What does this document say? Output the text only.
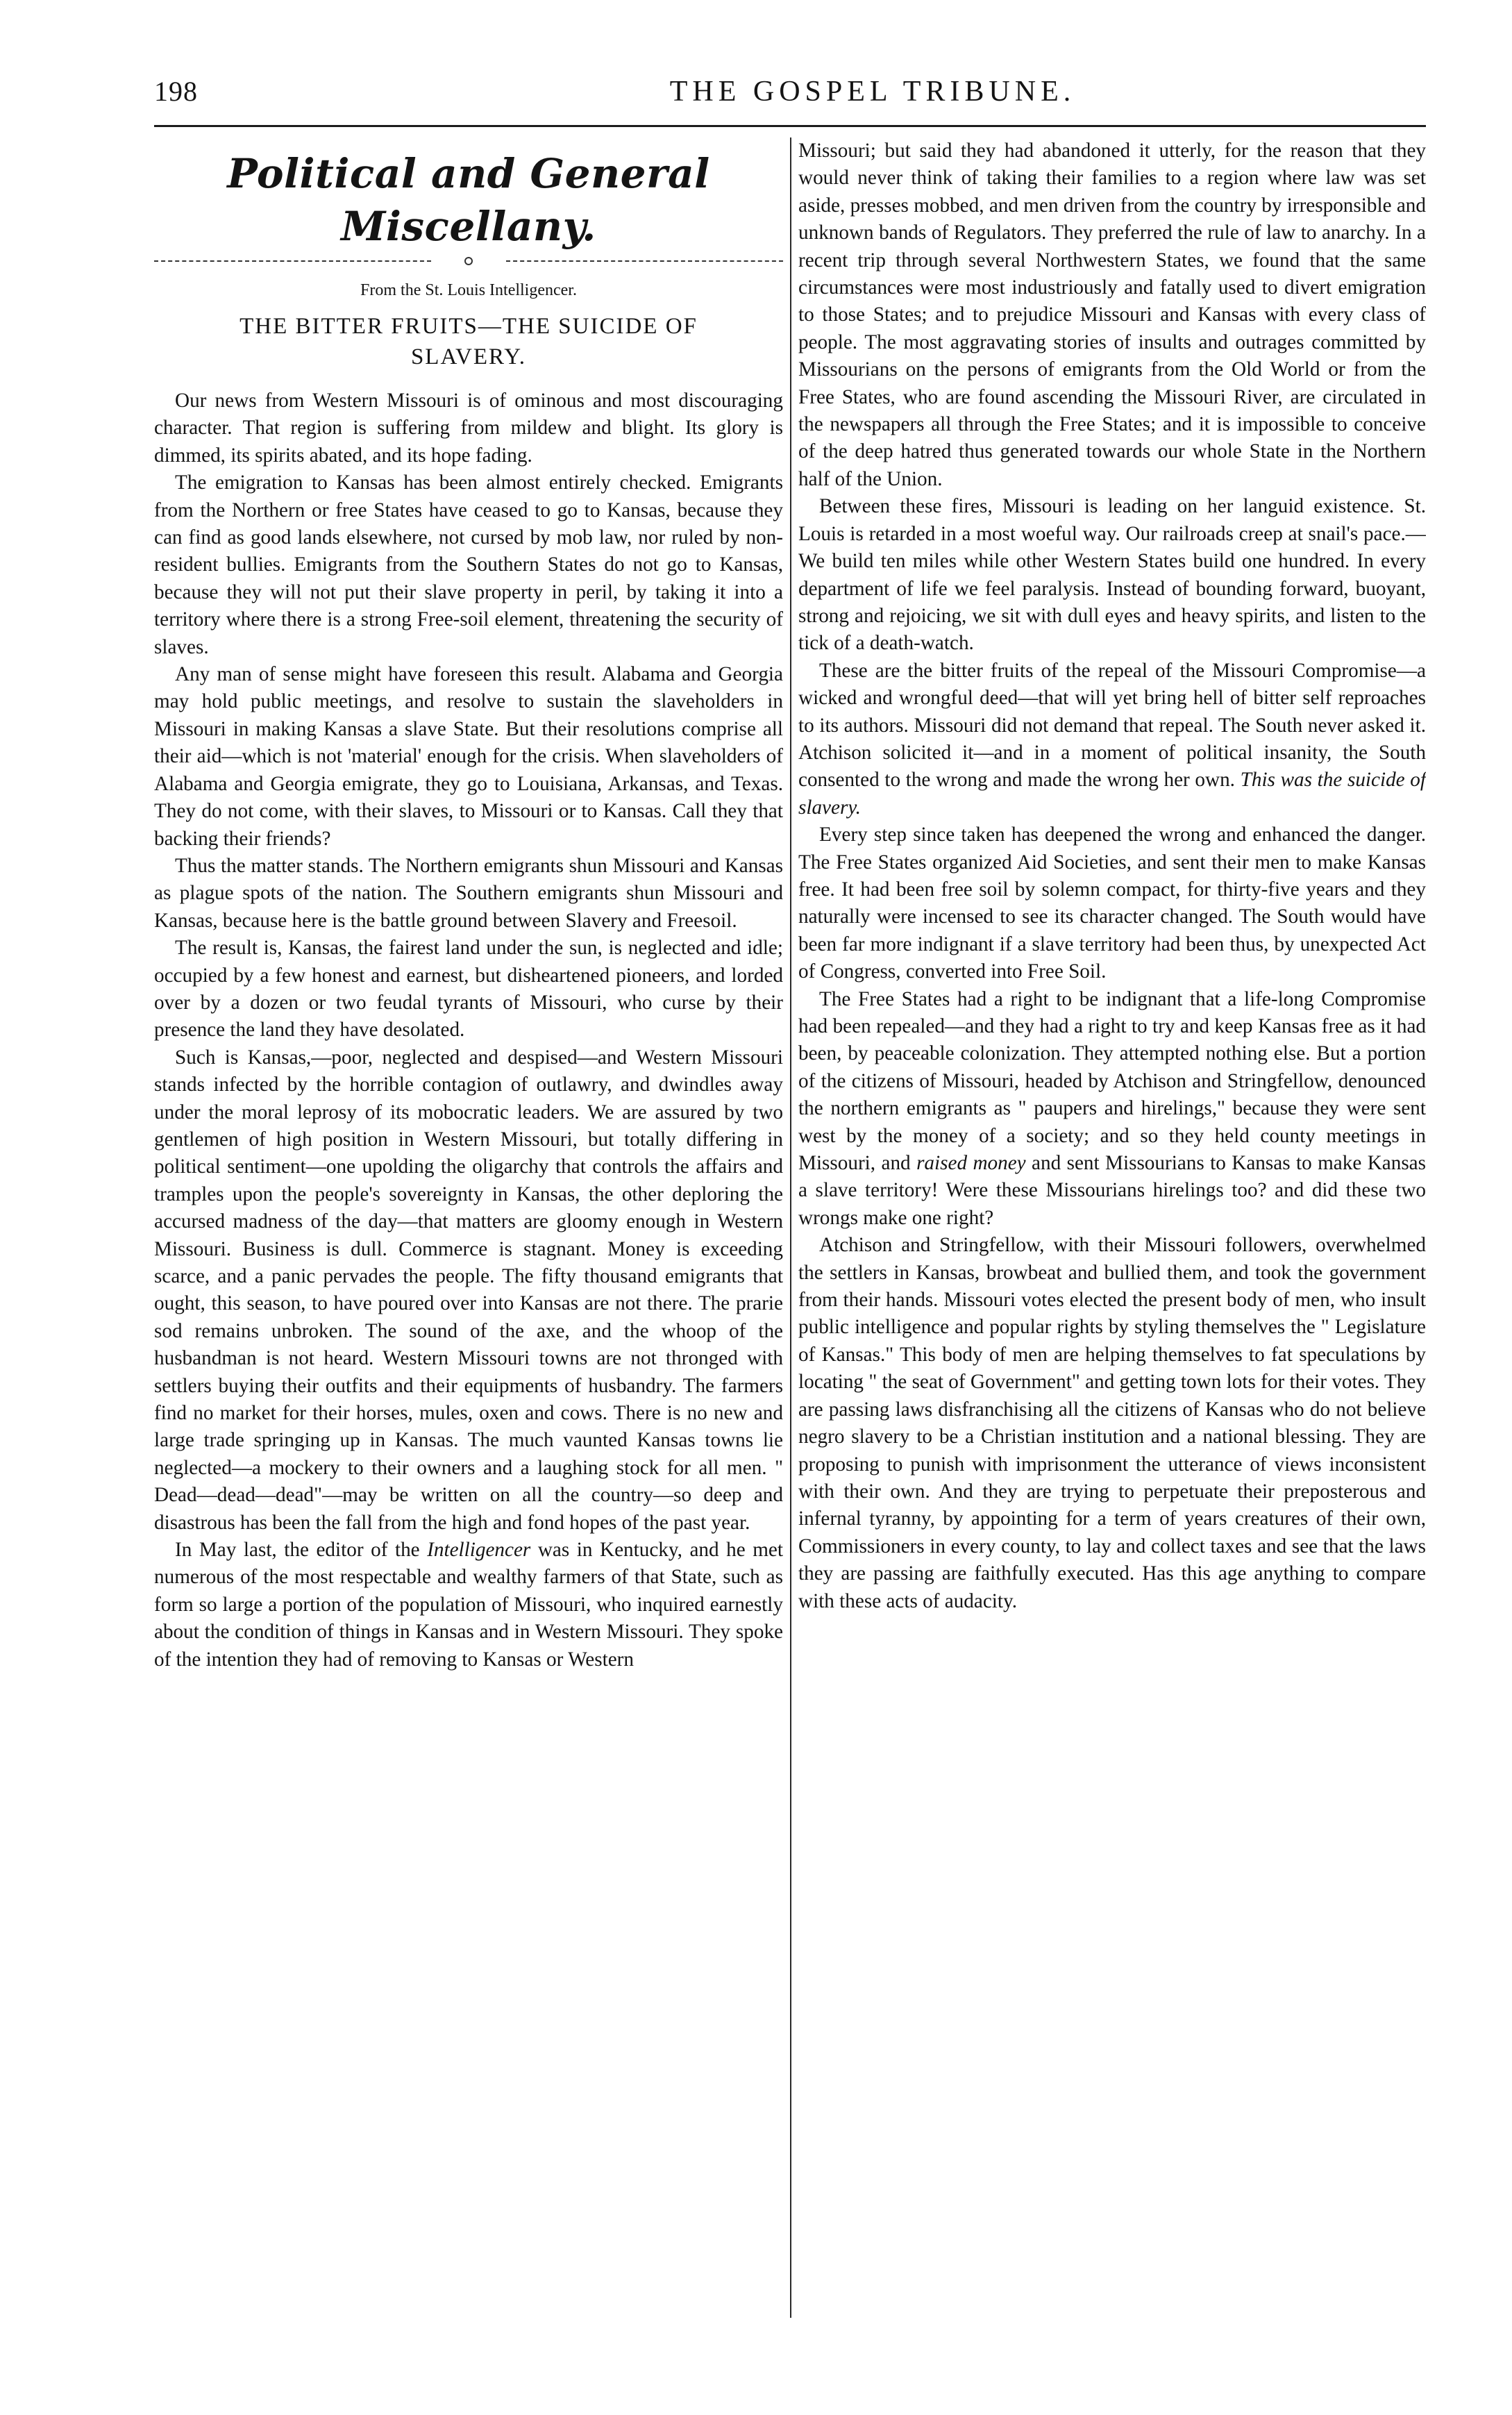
198	THE GOSPEL TRIBUNE.
Political and General Miscellany.
From the St. Louis Intelligencer.
THE BITTER FRUITS—THE SUICIDE OF SLAVERY.

Our news from Western Missouri is of ominous and most discouraging character. That region is suffering from mildew and blight. Its glory is dimmed, its spirits abated, and its hope fading.

The emigration to Kansas has been almost entirely checked. Emigrants from the Northern or free States have ceased to go to Kansas, because they can find as good lands elsewhere, not cursed by mob law, nor ruled by non-resident bullies. Emigrants from the Southern States do not go to Kansas, because they will not put their slave property in peril, by taking it into a territory where there is a strong Free-soil element, threatening the security of slaves.

Any man of sense might have foreseen this result. Alabama and Georgia may hold public meetings, and resolve to sustain the slaveholders in Missouri in making Kansas a slave State. But their resolutions comprise all their aid—which is not 'material' enough for the crisis. When slaveholders of Alabama and Georgia emigrate, they go to Louisiana, Arkansas, and Texas. They do not come, with their slaves, to Missouri or to Kansas. Call they that backing their friends?

Thus the matter stands. The Northern emigrants shun Missouri and Kansas as plague spots of the nation. The Southern emigrants shun Missouri and Kansas, because here is the battle ground between Slavery and Freesoil.

The result is, Kansas, the fairest land under the sun, is neglected and idle; occupied by a few honest and earnest, but disheartened pioneers, and lorded over by a dozen or two feudal tyrants of Missouri, who curse by their presence the land they have desolated.

Such is Kansas,—poor, neglected and despised—and Western Missouri stands infected by the horrible contagion of outlawry, and dwindles away under the moral leprosy of its mobocratic leaders. We are assured by two gentlemen of high position in Western Missouri, but totally differing in political sentiment—one upolding the oligarchy that controls the affairs and tramples upon the people's sovereignty in Kansas, the other deploring the accursed madness of the day—that matters are gloomy enough in Western Missouri. Business is dull. Commerce is stagnant. Money is exceeding scarce, and a panic pervades the people. The fifty thousand emigrants that ought, this season, to have poured over into Kansas are not there. The prarie sod remains unbroken. The sound of the axe, and the whoop of the husbandman is not heard. Western Missouri towns are not thronged with settlers buying their outfits and their equipments of husbandry. The farmers find no market for their horses, mules, oxen and cows. There is no new and large trade springing up in Kansas. The much vaunted Kansas towns lie neglected—a mockery to their owners and a laughing stock for all men. " Dead—dead—dead"—may be written on all the country—so deep and disastrous has been the fall from the high and fond hopes of the past year.

In May last, the editor of the Intelligencer was in Kentucky, and he met numerous of the most respectable and wealthy farmers of that State, such as form so large a portion of the population of Missouri, who inquired earnestly about the condition of things in Kansas and in Western Missouri. They spoke of the intention they had of removing to Kansas or Western

Missouri; but said they had abandoned it utterly, for the reason that they would never think of taking their families to a region where law was set aside, presses mobbed, and men driven from the country by irresponsible and unknown bands of Regulators. They preferred the rule of law to anarchy. In a recent trip through several Northwestern States, we found that the same circumstances were most industriously and fatally used to divert emigration to those States; and to prejudice Missouri and Kansas with every class of people. The most aggravating stories of insults and outrages committed by Missourians on the persons of emigrants from the Old World or from the Free States, who are found ascending the Missouri River, are circulated in the newspapers all through the Free States; and it is impossible to conceive of the deep hatred thus generated towards our whole State in the Northern half of the Union.

Between these fires, Missouri is leading on her languid existence. St. Louis is retarded in a most woeful way. Our railroads creep at snail's pace.—We build ten miles while other Western States build one hundred. In every department of life we feel paralysis. Instead of bounding forward, buoyant, strong and rejoicing, we sit with dull eyes and heavy spirits, and listen to the tick of a death-watch.

These are the bitter fruits of the repeal of the Missouri Compromise—a wicked and wrongful deed—that will yet bring hell of bitter self reproaches to its authors. Missouri did not demand that repeal. The South never asked it. Atchison solicited it—and in a moment of political insanity, the South consented to the wrong and made the wrong her own. This was the suicide of slavery.

Every step since taken has deepened the wrong and enhanced the danger. The Free States organized Aid Societies, and sent their men to make Kansas free. It had been free soil by solemn compact, for thirty-five years and they naturally were incensed to see its character changed. The South would have been far more indignant if a slave territory had been thus, by unexpected Act of Congress, converted into Free Soil.

The Free States had a right to be indignant that a life-long Compromise had been repealed—and they had a right to try and keep Kansas free as it had been, by peaceable colonization. They attempted nothing else. But a portion of the citizens of Missouri, headed by Atchison and Stringfellow, denounced the northern emigrants as " paupers and hirelings," because they were sent west by the money of a society; and so they held county meetings in Missouri, and raised money and sent Missourians to Kansas to make Kansas a slave territory! Were these Missourians hirelings too? and did these two wrongs make one right?

Atchison and Stringfellow, with their Missouri followers, overwhelmed the settlers in Kansas, browbeat and bullied them, and took the government from their hands. Missouri votes elected the present body of men, who insult public intelligence and popular rights by styling themselves the " Legislature of Kansas." This body of men are helping themselves to fat speculations by locating " the seat of Government" and getting town lots for their votes. They are passing laws disfranchising all the citizens of Kansas who do not believe negro slavery to be a Christian institution and a national blessing. They are proposing to punish with imprisonment the utterance of views inconsistent with their own. And they are trying to perpetuate their preposterous and infernal tyranny, by appointing for a term of years creatures of their own, Commissioners in every county, to lay and collect taxes and see that the laws they are passing are faithfully executed. Has this age anything to compare with these acts of audacity.
